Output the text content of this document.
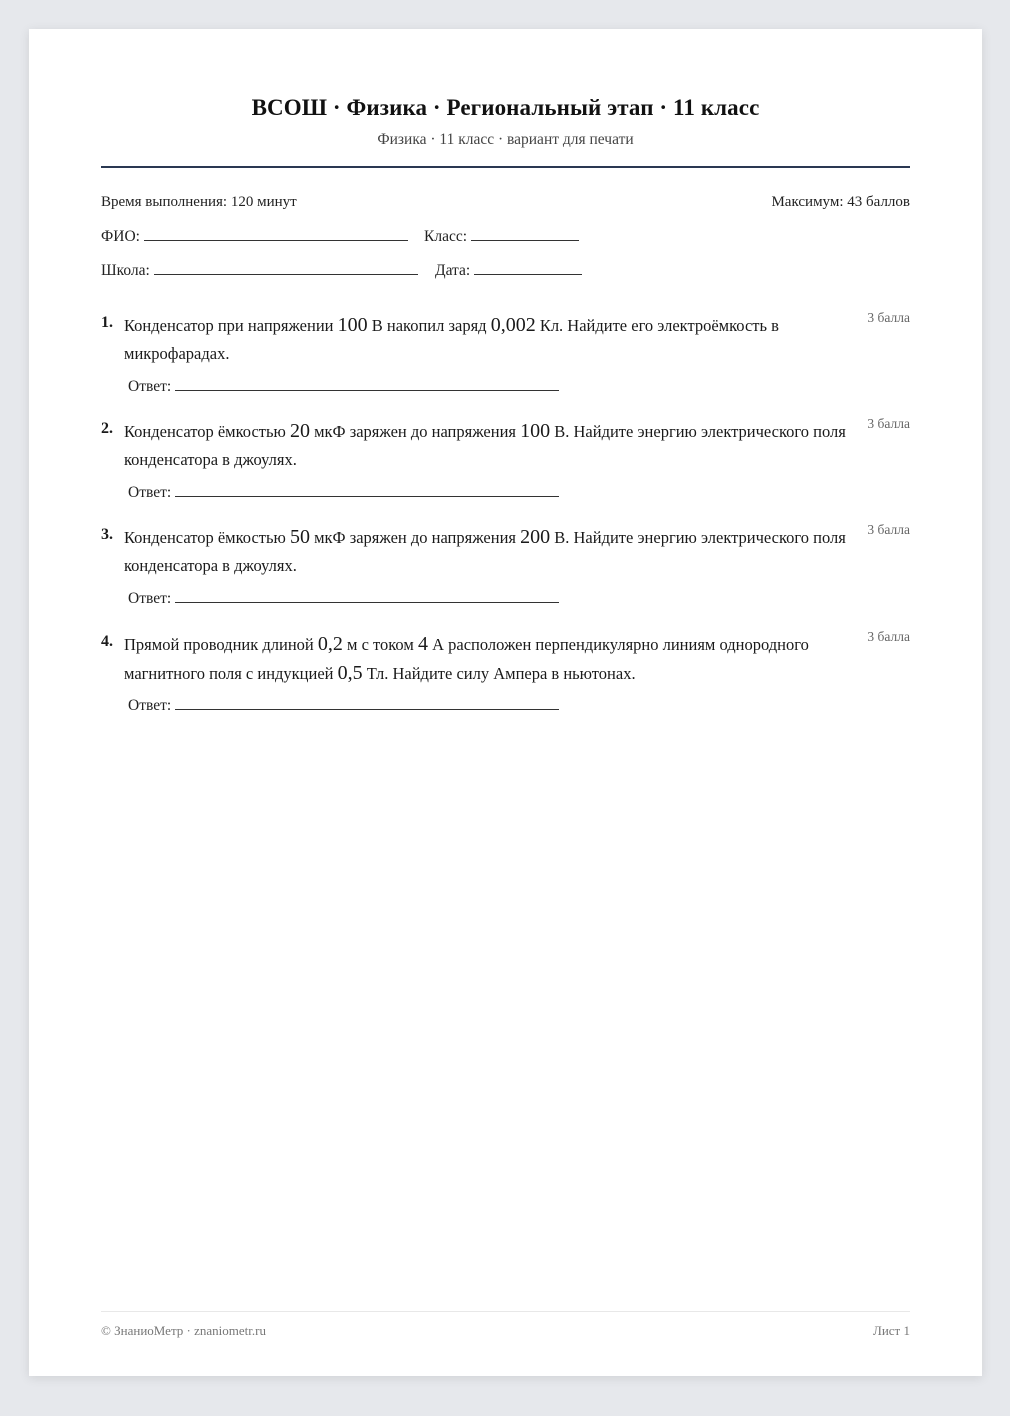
ВСОШ · Физика · Региональный этап · 11 класс
Физика · 11 класс · вариант для печати
Время выполнения: 120 минут	Максимум: 43 баллов
ФИО:	Класс:
Школа:	Дата:
1. Конденсатор при напряжении 100 В накопил заряд 0,002 Кл. Найдите его электроёмкость в микрофарадах.
3 балла
Ответ:
2. Конденсатор ёмкостью 20 мкФ заряжен до напряжения 100 В. Найдите энергию электрического поля конденсатора в джоулях.
3 балла
Ответ:
3. Конденсатор ёмкостью 50 мкФ заряжен до напряжения 200 В. Найдите энергию электрического поля конденсатора в джоулях.
3 балла
Ответ:
4. Прямой проводник длиной 0,2 м с током 4 А расположен перпендикулярно линиям однородного магнитного поля с индукцией 0,5 Тл. Найдите силу Ампера в ньютонах.
3 балла
Ответ:
© ЗнаниоМетр · znaniometr.ru	Лист 1
